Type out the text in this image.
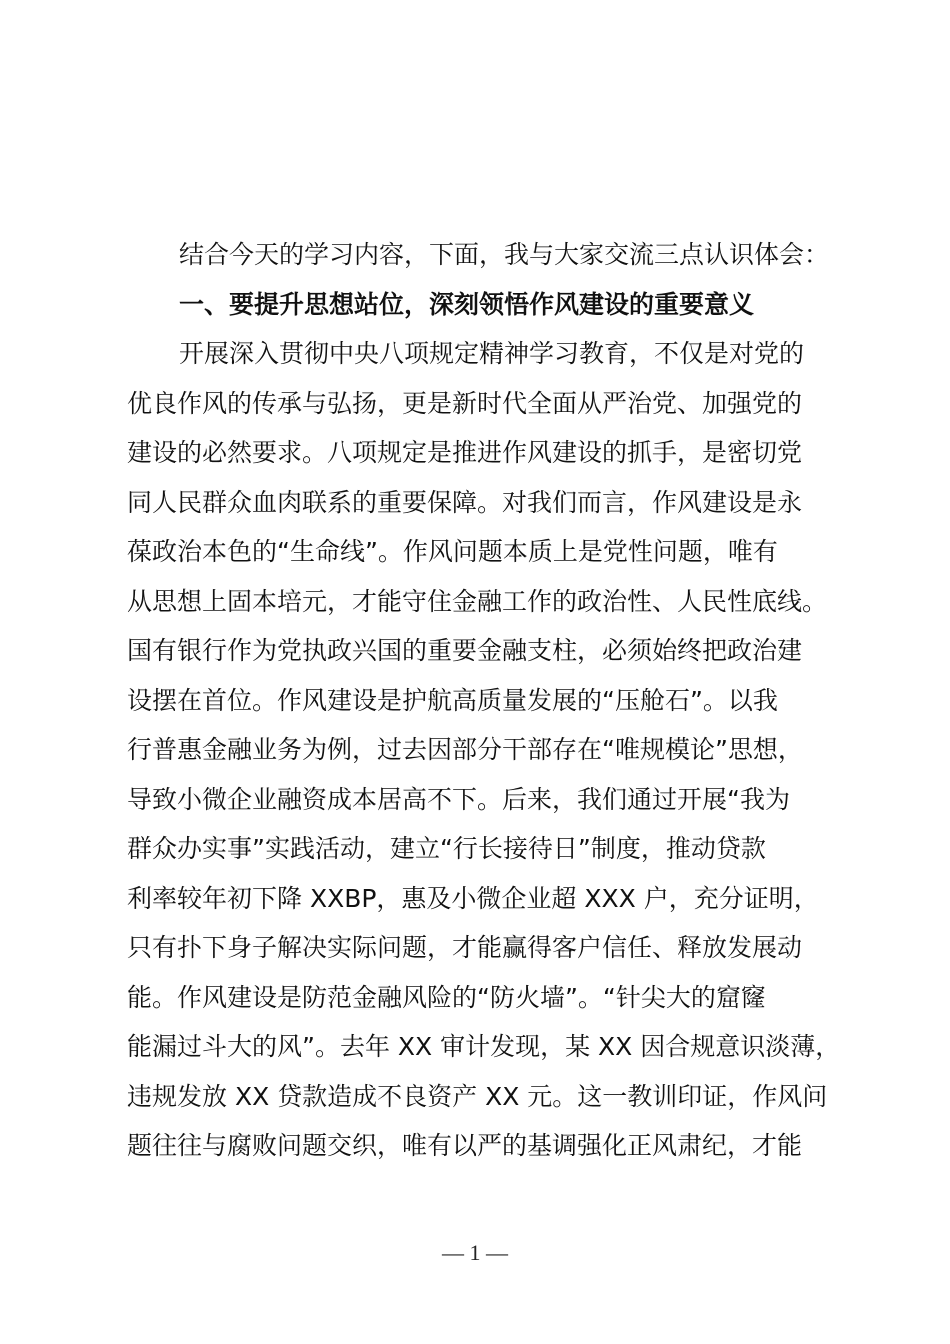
结合今天的学习内容，下面，我与大家交流三点认识体会：
一、要提升思想站位，深刻领悟作风建设的重要意义
开展深入贯彻中央八项规定精神学习教育，不仅是对党的
优良作风的传承与弘扬，更是新时代全面从严治党、加强党的
建设的必然要求。八项规定是推进作风建设的抓手，是密切党
同人民群众血肉联系的重要保障。对我们而言，作风建设是永
葆政治本色的“生命线”。作风问题本质上是党性问题，唯有
从思想上固本培元，才能守住金融工作的政治性、人民性底线。
国有银行作为党执政兴国的重要金融支柱，必须始终把政治建
设摆在首位。作风建设是护航高质量发展的“压舱石”。以我
行普惠金融业务为例，过去因部分干部存在“唯规模论”思想，
导致小微企业融资成本居高不下。后来，我们通过开展“我为
群众办实事”实践活动，建立“行长接待日”制度，推动贷款
利率较年初下降 XXBP，惠及小微企业超 XXX 户，充分证明，
只有扑下身子解决实际问题，才能赢得客户信任、释放发展动
能。作风建设是防范金融风险的“防火墙”。“针尖大的窟窿
能漏过斗大的风”。去年 XX 审计发现，某 XX 因合规意识淡薄，
违规发放 XX 贷款造成不良资产 XX 元。这一教训印证，作风问
题往往与腐败问题交织，唯有以严的基调强化正风肃纪，才能
— 1 —
